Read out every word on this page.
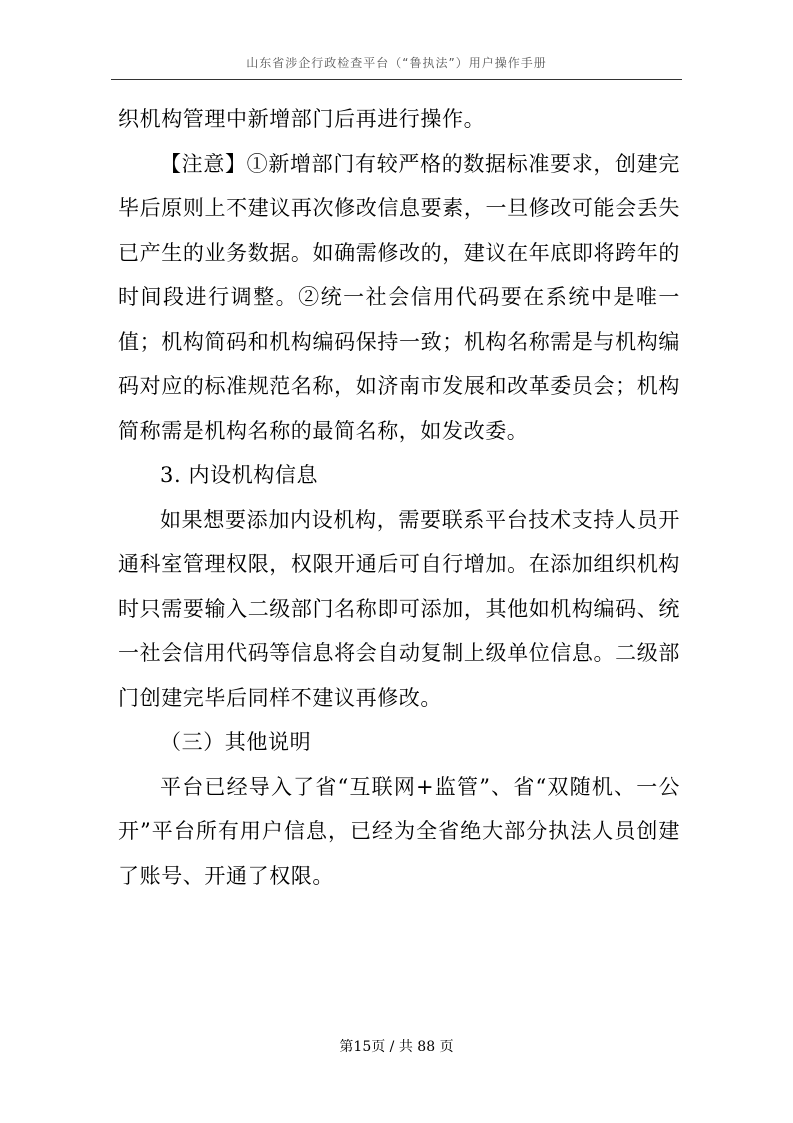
山东省涉企行政检查平台（“鲁执法”）用户操作手册

织机构管理中新增部门后再进行操作。

【注意】①新增部门有较严格的数据标准要求，创建完毕后原则上不建议再次修改信息要素，一旦修改可能会丢失已产生的业务数据。如确需修改的，建议在年底即将跨年的时间段进行调整。②统一社会信用代码要在系统中是唯一值；机构简码和机构编码保持一致；机构名称需是与机构编码对应的标准规范名称，如济南市发展和改革委员会；机构简称需是机构名称的最简名称，如发改委。

3. 内设机构信息

如果想要添加内设机构，需要联系平台技术支持人员开通科室管理权限，权限开通后可自行增加。在添加组织机构时只需要输入二级部门名称即可添加，其他如机构编码、统一社会信用代码等信息将会自动复制上级单位信息。二级部门创建完毕后同样不建议再修改。

（三）其他说明

平台已经导入了省“互联网+监管”、省“双随机、一公开”平台所有用户信息，已经为全省绝大部分执法人员创建了账号、开通了权限。

第15页 / 共 88 页
